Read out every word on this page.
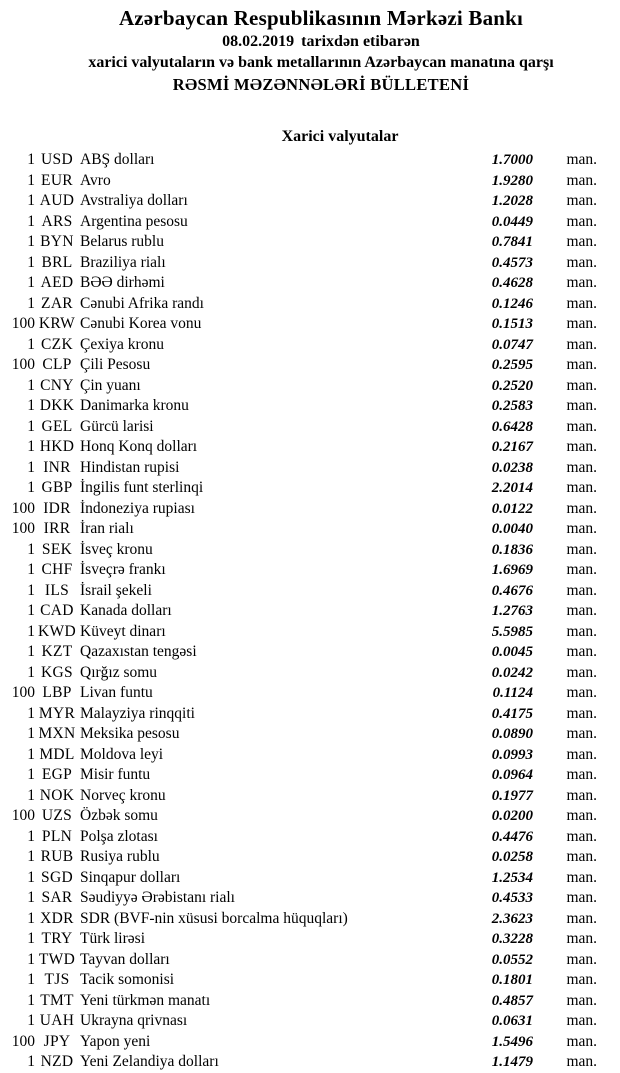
Azərbaycan Respublikasının Mərkəzi Bankı
08.02.2019 tarixdən etibarən
xarici valyutaların və bank metallarının Azərbaycan manatına qarşı
RƏSMİ MƏZƏNNƏLƏRİ BÜLLETENİ
Xarici valyutalar
1 USD ABŞ dolları	1.7000	man.
1 EUR Avro	1.9280	man.
1 AUD Avstraliya dolları	1.2028	man.
1 ARS Argentina pesosu	0.0449	man.
1 BYN Belarus rublu	0.7841	man.
1 BRL Braziliya rialı	0.4573	man.
1 AED BƏƏ dirhəmi	0.4628	man.
1 ZAR Cənubi Afrika randı	0.1246	man.
100 KRW Cənubi Korea vonu	0.1513	man.
1 CZK Çexiya kronu	0.0747	man.
100 CLP Çili Pesosu	0.2595	man.
1 CNY Çin yuanı	0.2520	man.
1 DKK Danimarka kronu	0.2583	man.
1 GEL Gürcü larisi	0.6428	man.
1 HKD Honq Konq dolları	0.2167	man.
1 INR Hindistan rupisi	0.0238	man.
1 GBP İngilis funt sterlinqi	2.2014	man.
100 IDR İndoneziya rupiası	0.0122	man.
100 IRR İran rialı	0.0040	man.
1 SEK İsveç kronu	0.1836	man.
1 CHF İsveçrə frankı	1.6969	man.
1 ILS İsrail şekeli	0.4676	man.
1 CAD Kanada dolları	1.2763	man.
1 KWD Küveyt dinarı	5.5985	man.
1 KZT Qazaxıstan tengəsi	0.0045	man.
1 KGS Qırğız somu	0.0242	man.
100 LBP Livan funtu	0.1124	man.
1 MYR Malayziya rinqqiti	0.4175	man.
1 MXN Meksika pesosu	0.0890	man.
1 MDL Moldova leyi	0.0993	man.
1 EGP Misir funtu	0.0964	man.
1 NOK Norveç kronu	0.1977	man.
100 UZS Özbək somu	0.0200	man.
1 PLN Polşa zlotası	0.4476	man.
1 RUB Rusiya rublu	0.0258	man.
1 SGD Sinqapur dolları	1.2534	man.
1 SAR Səudiyyə Ərəbistanı rialı	0.4533	man.
1 XDR SDR (BVF-nin xüsusi borcalma hüquqları)	2.3623	man.
1 TRY Türk lirəsi	0.3228	man.
1 TWD Tayvan dolları	0.0552	man.
1 TJS Tacik somonisi	0.1801	man.
1 TMT Yeni türkmən manatı	0.4857	man.
1 UAH Ukrayna qrivnası	0.0631	man.
100 JPY Yapon yeni	1.5496	man.
1 NZD Yeni Zelandiya dolları	1.1479	man.
